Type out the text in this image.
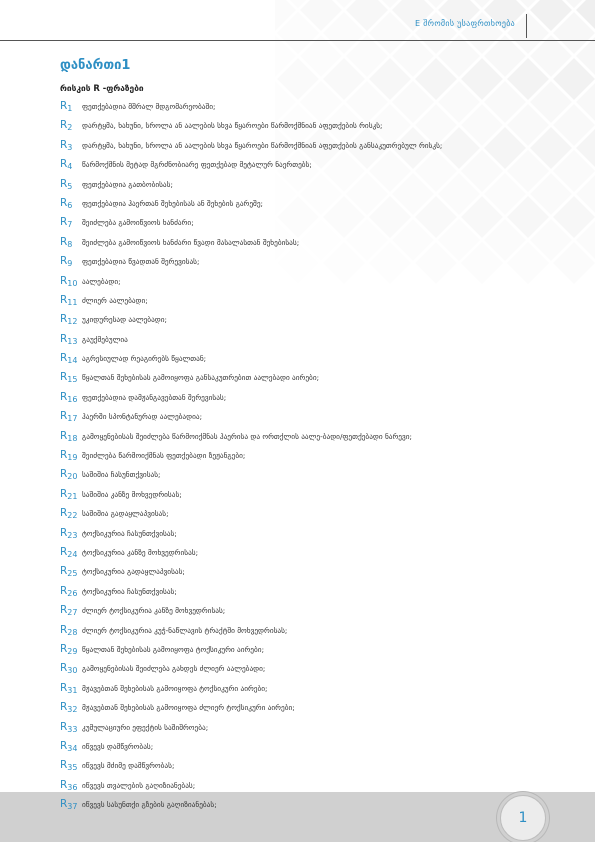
E შრომის უსაფრთხოება
დანართი1
რისკის R -ფრაზები
$R_1$	ფეთქებადია მშრალ მდგომარეობაში;
$R_2$	დარტყმა, ხახუნი, სროლა ან აალების სხვა წყაროები წარმოქმნიან აფეთქების რისკს;
$R_3$	დარტყმა, ხახუნი, სროლა ან აალების სხვა წყაროები წარმოქმნიან აფეთქების განსაკუთრებულ რისკს;
$R_4$	წარმოქმნის მეტად მგრძნობიარე ფეთქებად მეტალურ ნაერთებს;
$R_5$	ფეთქებადია გათბობისას;
$R_6$	ფეთქებადია ჰაერთან შეხებისას ან შეხების გარეშე;
$R_7$	შეიძლება გამოიწვიოს ხანძარი;
$R_8$	შეიძლება გამოიწვიოს ხანძარი წვადი მასალასთან შეხებისას;
$R_9$	ფეთქებადია წვადთან შერევისას;
$R_{10}$ აალებადი;
$R_{11}$ ძლიერ აალებადი;
$R_{12}$ უკიდურესად აალებადი;
$R_{13}$ გაუქმებულია
$R_{14}$ აგრესიულად რეაგირებს წყალთან;
$R_{15}$ წყალთან შეხებისას გამოიყოფა განსაკუთრებით აალებადი აირები;
$R_{16}$ ფეთქებადია დამჟანგავებთან შერევისას;
$R_{17}$ ჰაერში სპონტანურად აალებადია;
$R_{18}$ გამოყენებისას შეიძლება წარმოიქმნას ჰაერისა და ორთქლის აალე-ბადი/ფეთქებადი ნარევი;
$R_{19}$ შეიძლება წარმოიქმნას ფეთქებადი ზეჟანგები;
$R_{20}$ საშიშია ჩასუნთქვისას;
$R_{21}$ საშიშია კანზე მოხვედრისას;
$R_{22}$ საშიშია გადაყლაპვისას;
$R_{23}$ ტოქსიკურია ჩასუნთქვისას;
$R_{24}$ ტოქსიკურია კანზე მოხვედრისას;
$R_{25}$ ტოქსიკურია გადაყლაპვისას;
$R_{26}$ ტოქსიკურია ჩასუნთქვისას;
$R_{27}$ ძლიერ ტოქსიკურია კანზე მოხვედრისას;
$R_{28}$ ძლიერ ტოქსიკურია კუჭ-ნაწლავის ტრაქტში მოხვედრისას;
$R_{29}$ წყალთან შეხებისას გამოიყოფა ტოქსიკური აირები;
$R_{30}$ გამოყენებისას შეიძლება გახდეს ძლიერ აალებადი;
$R_{31}$ მჟავებთან შეხებისას გამოიყოფა ტოქსიკური აირები;
$R_{32}$ მჟავებთან შეხებისას გამოიყოფა ძლიერ ტოქსიკური აირები;
$R_{33}$ კუმულაციური ეფექტის საშიშროება;
$R_{34}$ იწვევს დამწვრობას;
$R_{35}$ იწვევს მძიმე დამწვრობას;
$R_{36}$ იწვევს თვალების გაღიზიანებას;
$R_{37}$ იწვევს სასუნთქი გზების გაღიზიანებას;
1
